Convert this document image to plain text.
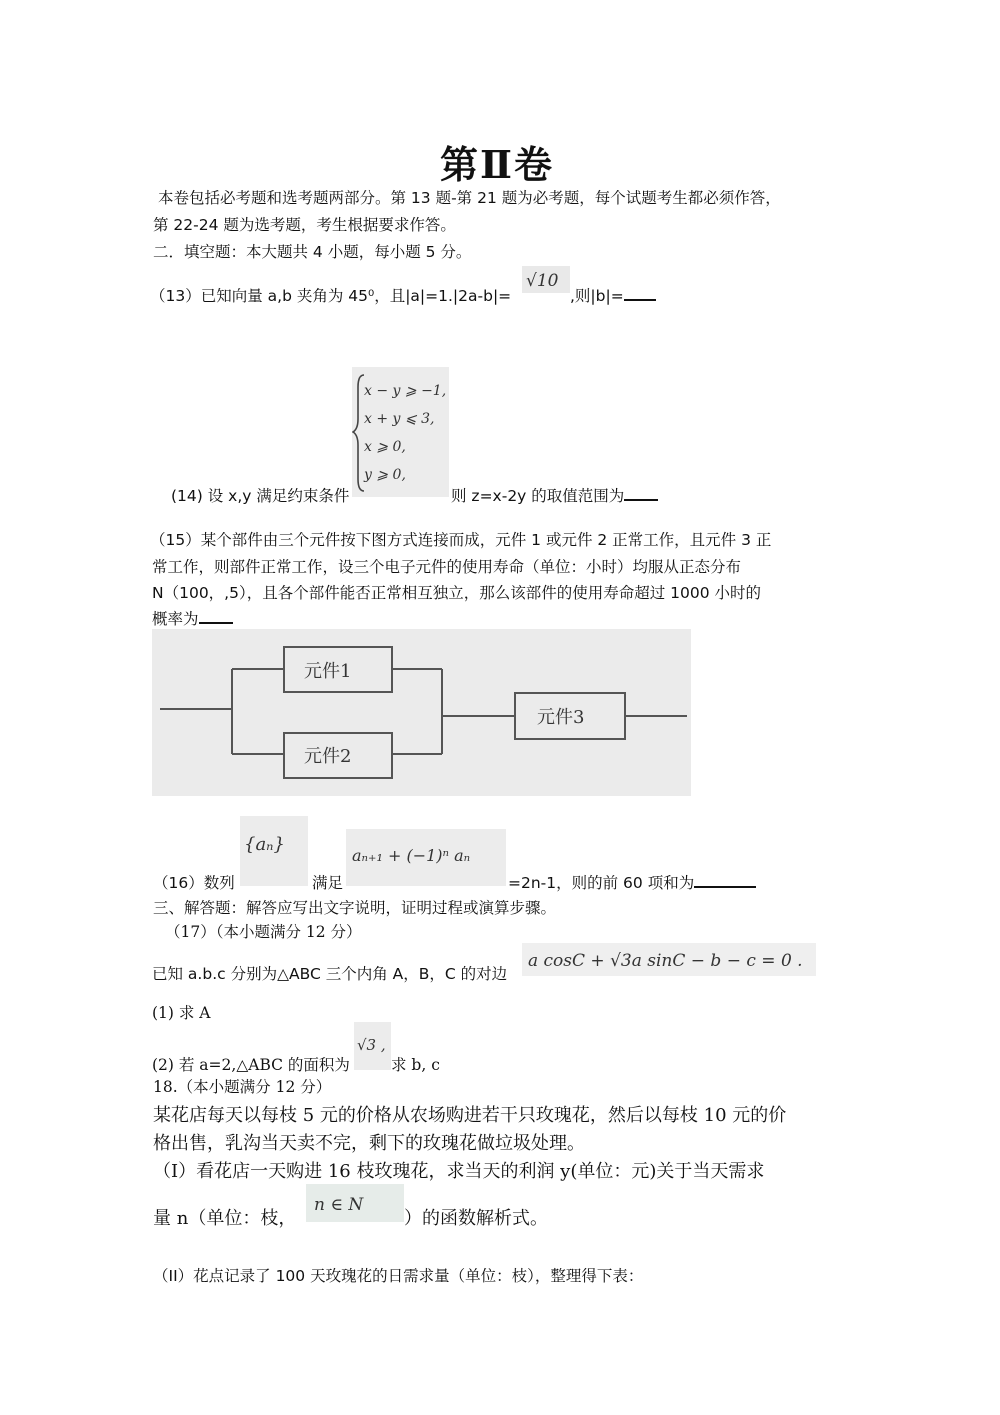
第Ⅱ卷
本卷包括必考题和选考题两部分。第 13 题-第 21 题为必考题，每个试题考生都必须作答，
第 22-24 题为选考题，考生根据要求作答。
二．填空题：本大题共 4 小题，每小题 5 分。
（13）已知向量 a,b 夹角为 45⁰，且|a|=1.|2a-b|=
√10
,则|b|=
x − y ⩾ −1,
x + y ⩽ 3,
x ⩾ 0,
y ⩾ 0,
(14) 设 x,y 满足约束条件	则 z=x-2y 的取值范围为
（15）某个部件由三个元件按下图方式连接而成，元件 1 或元件 2 正常工作，且元件 3 正
常工作，则部件正常工作，设三个电子元件的使用寿命（单位：小时）均服从正态分布
N（100，,5），且各个部件能否正常相互独立，那么该部件的使用寿命超过 1000 小时的
概率为
元件1
元件2
元件3
{aₙ}
aₙ₊₁ + (−1)ⁿ aₙ
（16）数列	满足	=2n-1，则的前 60 项和为
三、解答题：解答应写出文字说明，证明过程或演算步骤。
（17）（本小题满分 12 分）
已知 a.b.c 分别为△ABC 三个内角 A，B，C 的对边
a cosC + √3a sinC − b − c = 0 .
(1) 求 A
√3 ,
(2) 若 a=2,△ABC 的面积为	求 b, c
18.（本小题满分 12 分）
某花店每天以每枝 5 元的价格从农场购进若干只玫瑰花，然后以每枝 10 元的价
格出售，乳沟当天卖不完，剩下的玫瑰花做垃圾处理。
（Ⅰ）看花店一天购进 16 枝玫瑰花，求当天的利润 y(单位：元)关于当天需求
量 n（单位：枝，
n ∈ N
）的函数解析式。
（ⅠⅠ）花点记录了 100 天玫瑰花的日需求量（单位：枝），整理得下表：
